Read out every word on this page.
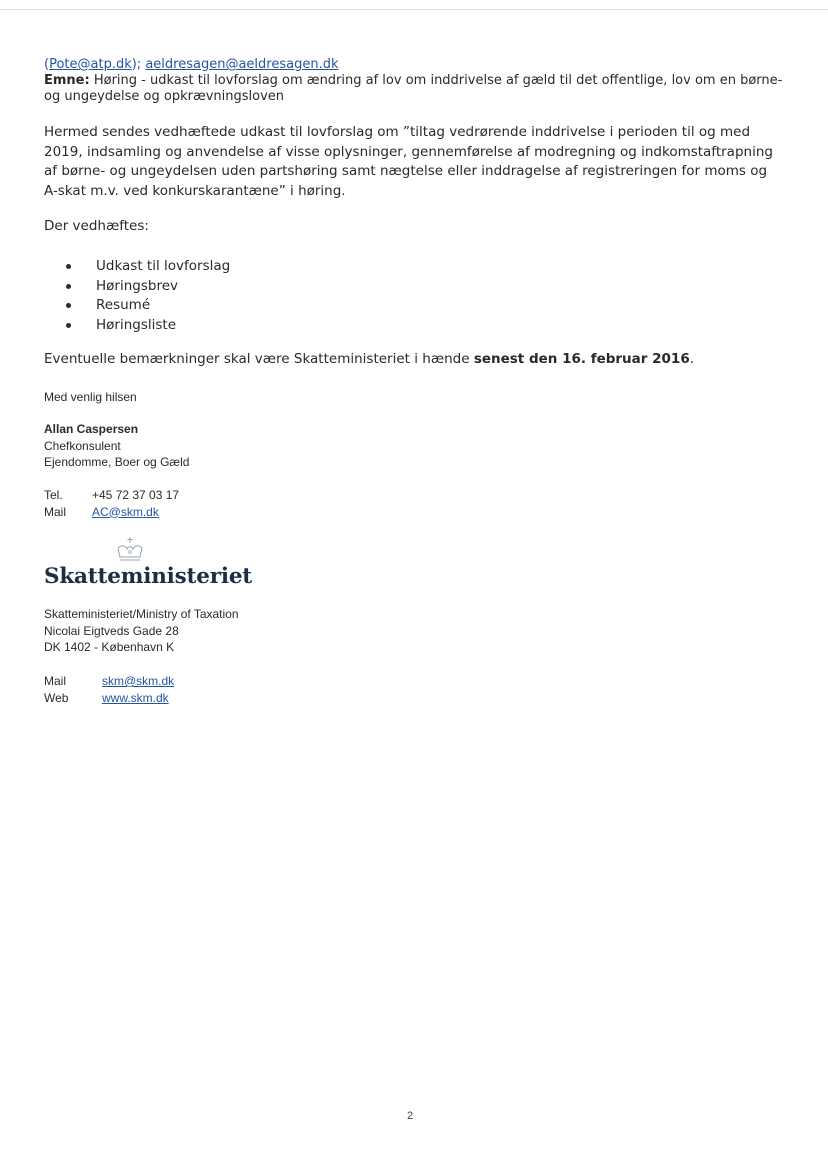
(Pote@atp.dk); aeldresagen@aeldresagen.dk
Emne: Høring - udkast til lovforslag om ændring af lov om inddrivelse af gæld til det offentlige, lov om en børne- og ungeydelse og opkrævningsloven
Hermed sendes vedhæftede udkast til lovforslag om ”tiltag vedrørende inddrivelse i perioden til og med 2019, indsamling og anvendelse af visse oplysninger, gennemførelse af modregning og indkomstaftrapning af børne- og ungeydelsen uden partshøring samt nægtelse eller inddragelse af registreringen for moms og A-skat m.v. ved konkurskarantæne” i høring.
Der vedhæftes:
Udkast til lovforslag
Høringsbrev
Resumé
Høringsliste
Eventuelle bemærkninger skal være Skatteministeriet i hænde senest den 16. februar 2016.
Med venlig hilsen
Allan Caspersen
Chefkonsulent
Ejendomme, Boer og Gæld
Tel. +45 72 37 03 17
Mail AC@skm.dk
Skatteministeriet
Skatteministeriet/Ministry of Taxation
Nicolai Eigtveds Gade 28
DK 1402 - København K
Mail	skm@skm.dk
Web	www.skm.dk
2
